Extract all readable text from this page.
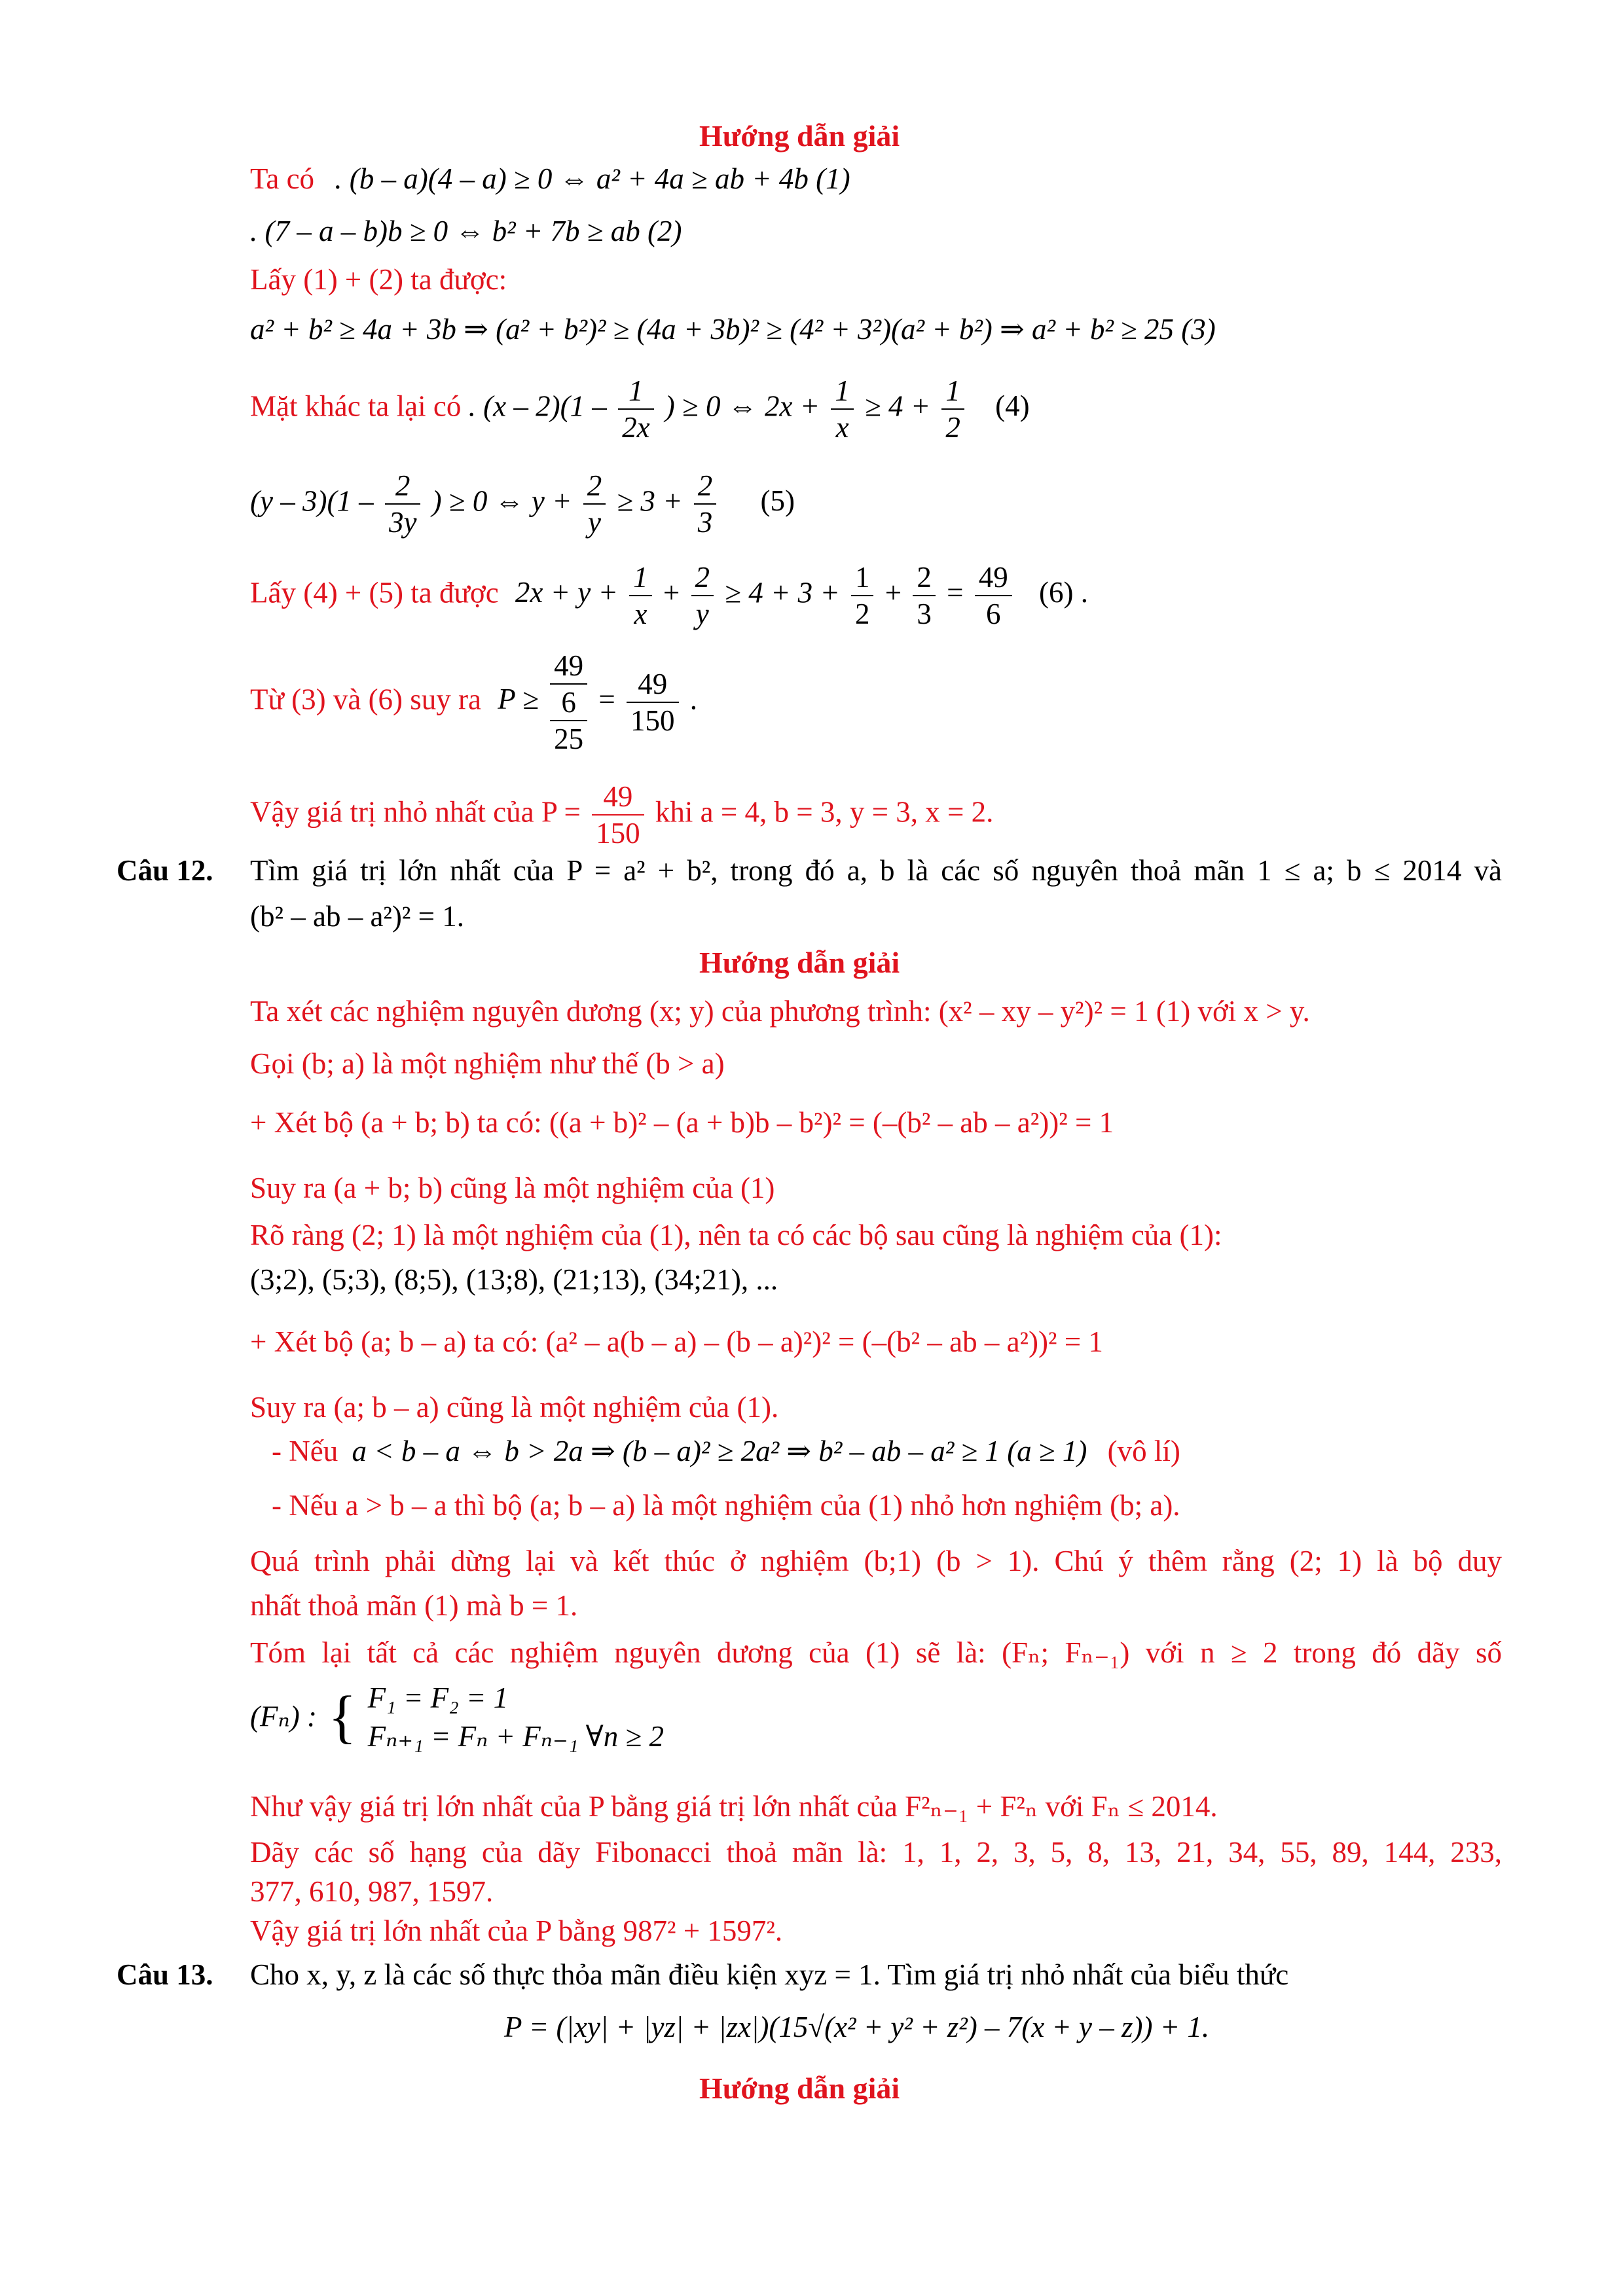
Hướng dẫn giải
Ta có . (b – a)(4 – a) ≥ 0 ⇔ a² + 4a ≥ ab + 4b (1)
. (7 – a – b)b ≥ 0 ⇔ b² + 7b ≥ ab (2)
Lấy (1) + (2) ta được:
a² + b² ≥ 4a + 3b ⇒ (a² + b²)² ≥ (4a + 3b)² ≥ (4² + 3²)(a² + b²) ⇒ a² + b² ≥ 25 (3)
Mặt khác ta lại có . $(x - 2)(1 - \frac{1}{2x}$ ) ≥ 0 ⇔ $2x + \frac{1}{x} \ge 4 + \frac{1}{2} (4)$
$(y - 3)(1 - \frac{2}{3y}$ ) ≥ 0 ⇔ $y + \frac{2}{y} \ge 3 + \frac{2}{3} (5)$
Lấy (4) + (5) ta được $2x + y + \frac{1}{x} + \frac{2}{y} \ge 4 + 3 + \frac{1}{2} + \frac{2}{3} = \frac{49}{6} (6)$ .
Từ (3) và (6) suy ra P ≥
49
6
25
= $\frac{49}{150}$ .
Vậy giá trị nhỏ nhất của $P = \frac{49}{150}$ khi a = 4, b = 3, y = 3, x = 2.
Câu 12. Tìm giá trị lớn nhất của P = a² + b², trong đó a, b là các số nguyên thoả mãn 1 ≤ a; b ≤ 2014 và
(b² – ab – a²)² = 1.
Hướng dẫn giải
Ta xét các nghiệm nguyên dương (x; y) của phương trình: (x² – xy – y²)² = 1 (1) với x > y.
Gọi (b; a) là một nghiệm như thế (b > a)
+ Xét bộ (a + b; b) ta có: ((a + b)² – (a + b)b – b²)² = (–(b² – ab – a²))² = 1
Suy ra (a + b; b) cũng là một nghiệm của (1)
Rõ ràng (2; 1) là một nghiệm của (1), nên ta có các bộ sau cũng là nghiệm của (1):
(3;2), (5;3), (8;5), (13;8), (21;13), (34;21), ...
+ Xét bộ (a; b – a) ta có: (a² – a(b – a) – (b – a)²)² = (–(b² – ab – a²))² = 1
Suy ra (a; b – a) cũng là một nghiệm của (1).
- Nếu a < b – a ⇔ b > 2a ⇒ (b – a)² ≥ 2a² ⇒ b² – ab – a² ≥ 1 (a ≥ 1) (vô lí)
- Nếu a > b – a thì bộ (a; b – a) là một nghiệm của (1) nhỏ hơn nghiệm (b; a).
Quá trình phải dừng lại và kết thúc ở nghiệm (b;1) (b > 1). Chú ý thêm rằng (2; 1) là bộ duy
nhất thoả mãn (1) mà b = 1.
Tóm lại tất cả các nghiệm nguyên dương của (1) sẽ là: (Fₙ; Fₙ₋₁) với n ≥ 2 trong đó dãy số
(Fₙ) : { F₁ = F₂ = 1
Fₙ₊₁ = Fₙ + Fₙ₋₁ ∀n ≥ 2
Như vậy giá trị lớn nhất của P bằng giá trị lớn nhất của F²ₙ₋₁ + F²ₙ với Fₙ ≤ 2014.
Dãy các số hạng của dãy Fibonacci thoả mãn là: 1, 1, 2, 3, 5, 8, 13, 21, 34, 55, 89, 144, 233,
377, 610, 987, 1597.
Vậy giá trị lớn nhất của P bằng 987² + 1597².
Câu 13. Cho x, y, z là các số thực thỏa mãn điều kiện xyz = 1. Tìm giá trị nhỏ nhất của biểu thức
P = (|xy| + |yz| + |zx|)(15√(x² + y² + z²) – 7(x + y – z)) + 1.
Hướng dẫn giải
